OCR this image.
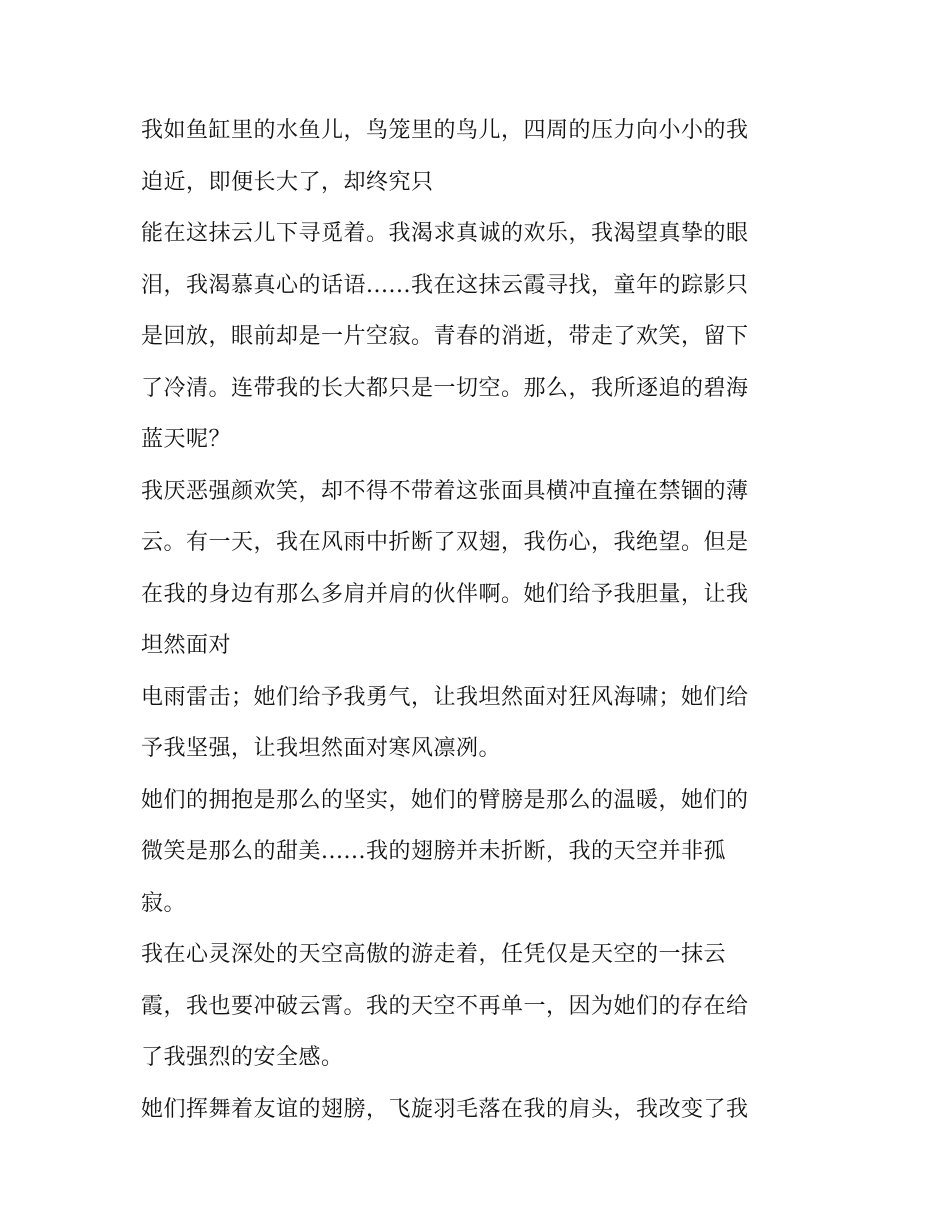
我如鱼缸里的水鱼儿，鸟笼里的鸟儿，四周的压力向小小的我
迫近，即便长大了，却终究只
能在这抹云儿下寻觅着。我渴求真诚的欢乐，我渴望真挚的眼
泪，我渴慕真心的话语......我在这抹云霞寻找，童年的踪影只
是回放，眼前却是一片空寂。青春的消逝，带走了欢笑，留下
了冷清。连带我的长大都只是一切空。那么，我所逐追的碧海
蓝天呢？
我厌恶强颜欢笑，却不得不带着这张面具横冲直撞在禁锢的薄
云。有一天，我在风雨中折断了双翅，我伤心，我绝望。但是
在我的身边有那么多肩并肩的伙伴啊。她们给予我胆量，让我
坦然面对
电雨雷击；她们给予我勇气，让我坦然面对狂风海啸；她们给
予我坚强，让我坦然面对寒风凛冽。
她们的拥抱是那么的坚实，她们的臂膀是那么的温暖，她们的
微笑是那么的甜美......我的翅膀并未折断，我的天空并非孤
寂。
我在心灵深处的天空高傲的游走着，任凭仅是天空的一抹云
霞，我也要冲破云霄。我的天空不再单一，因为她们的存在给
了我强烈的安全感。
她们挥舞着友谊的翅膀，飞旋羽毛落在我的肩头，我改变了我
